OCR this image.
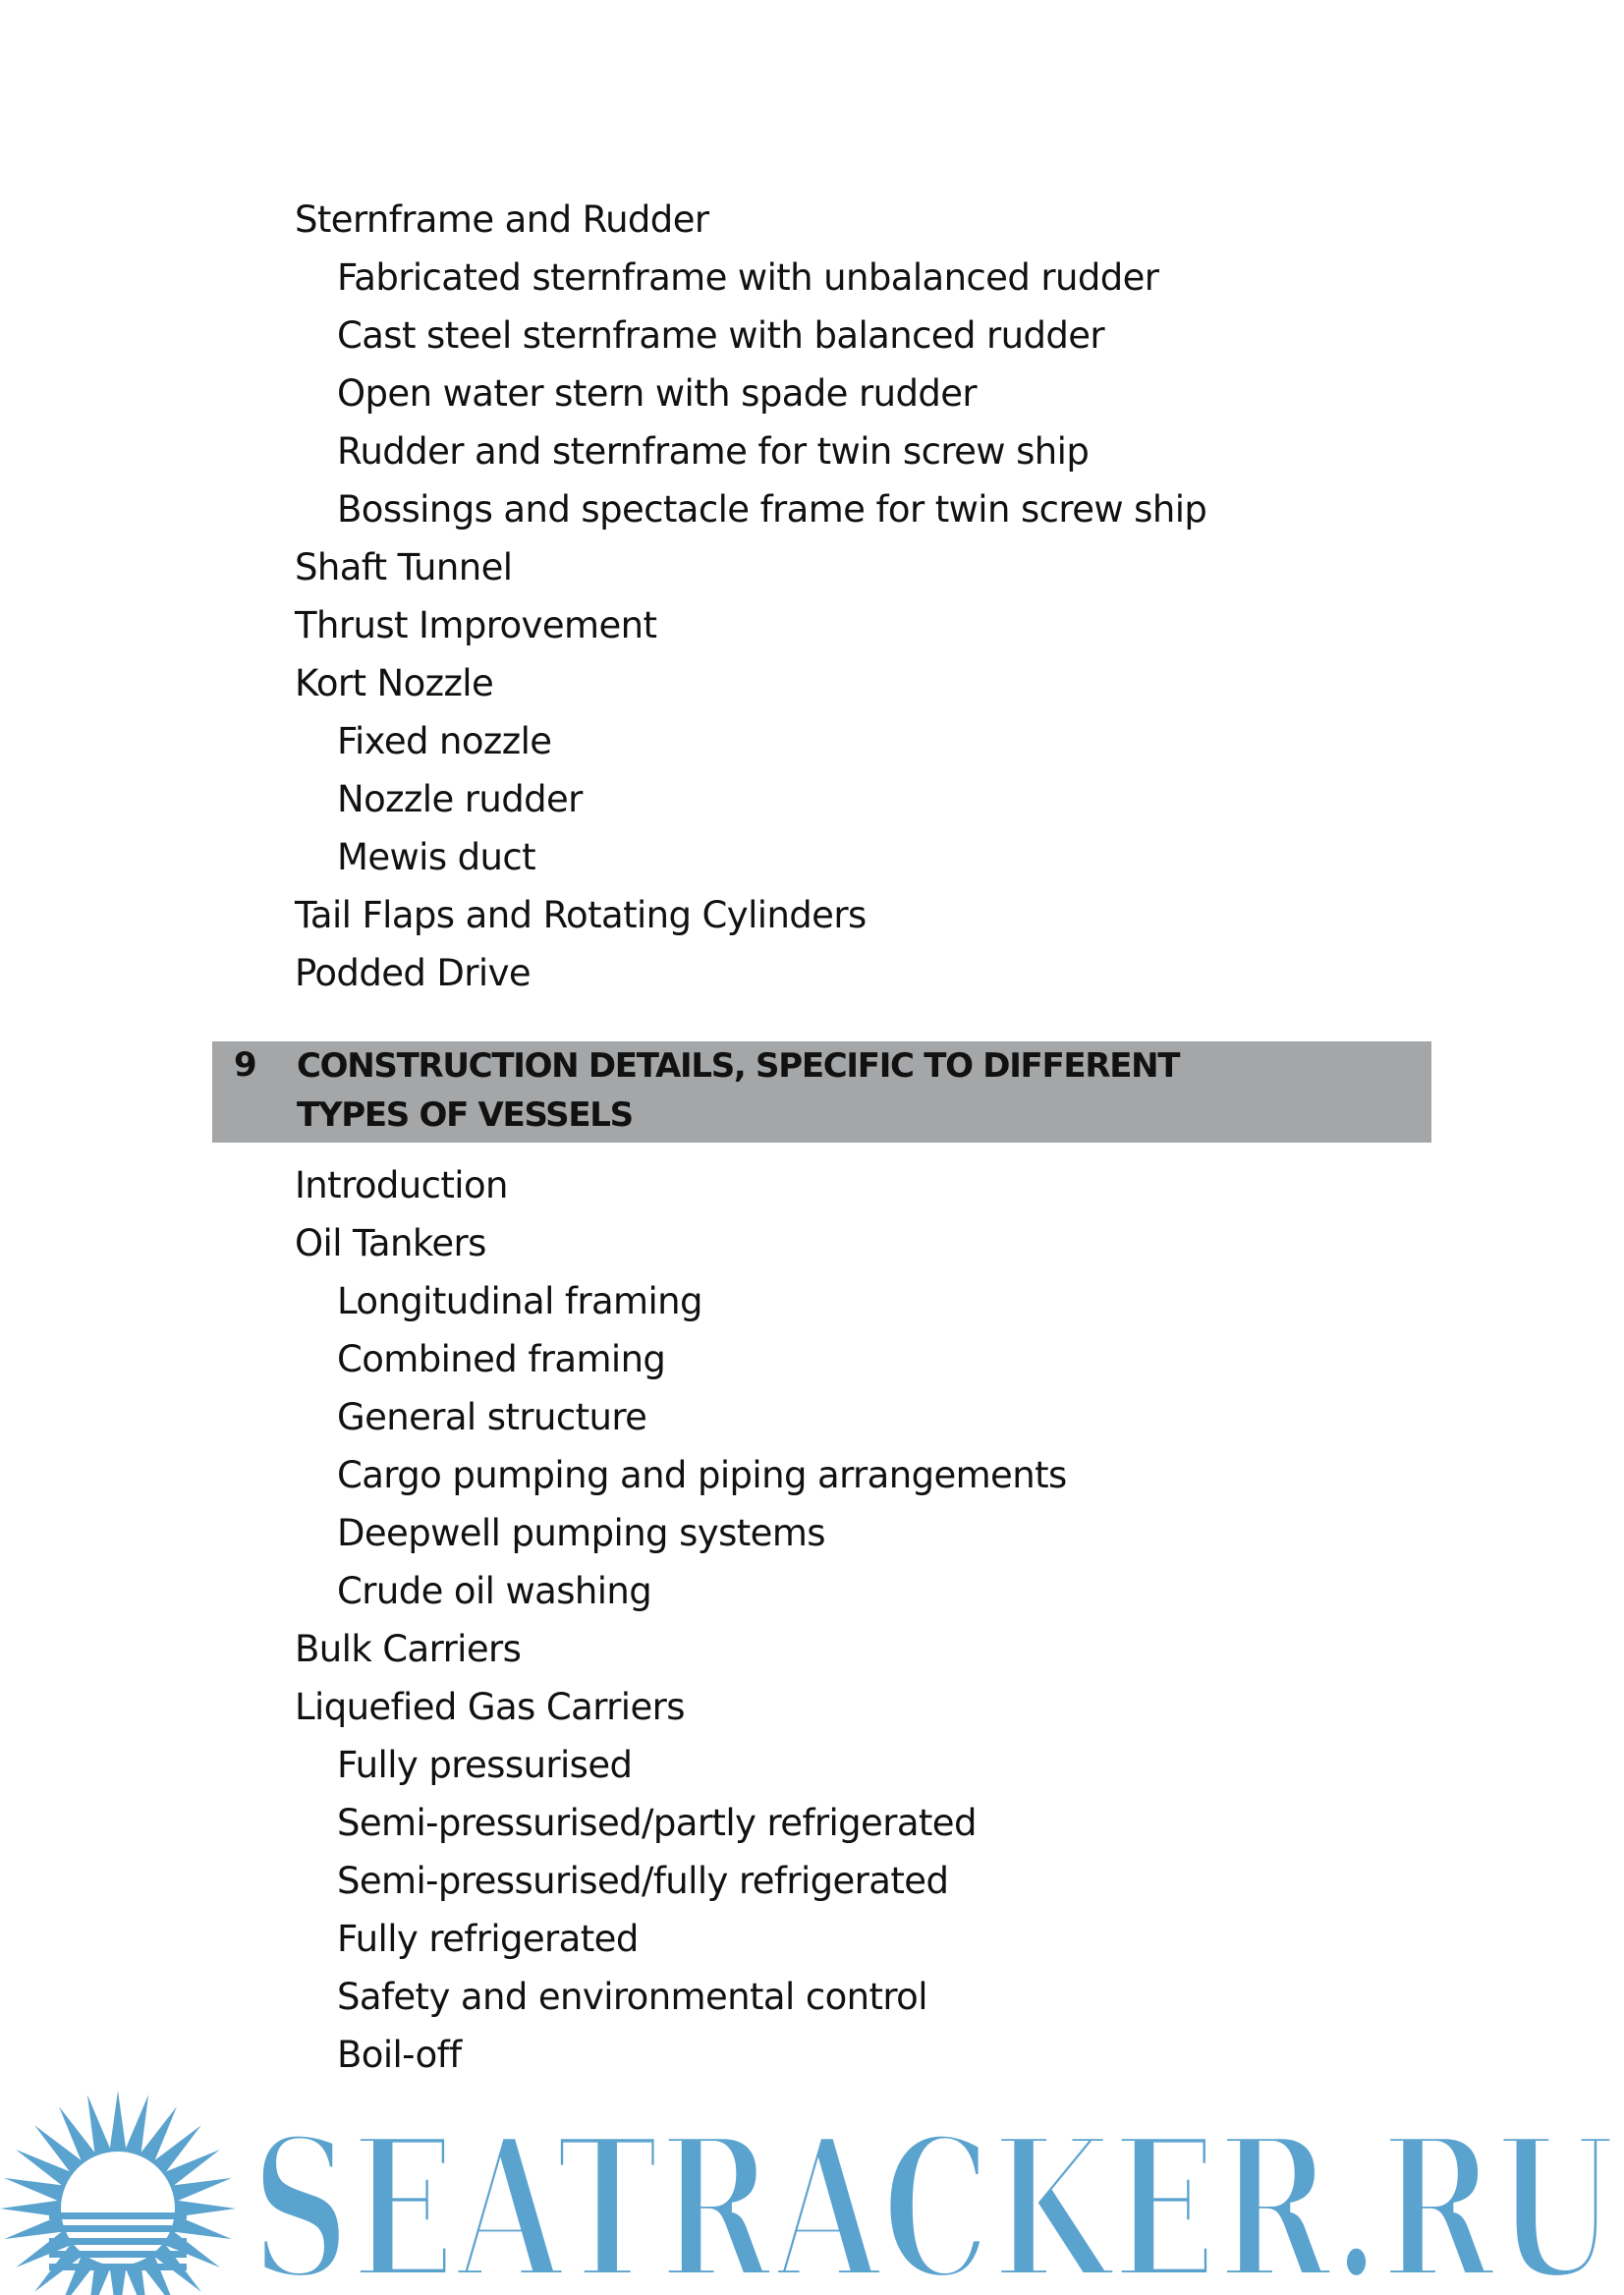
Sternframe and Rudder
Fabricated sternframe with unbalanced rudder
Cast steel sternframe with balanced rudder
Open water stern with spade rudder
Rudder and sternframe for twin screw ship
Bossings and spectacle frame for twin screw ship
Shaft Tunnel
Thrust Improvement
Kort Nozzle
Fixed nozzle
Nozzle rudder
Mewis duct
Tail Flaps and Rotating Cylinders
Podded Drive
9 CONSTRUCTION DETAILS, SPECIFIC TO DIFFERENT
TYPES OF VESSELS
Introduction
Oil Tankers
Longitudinal framing
Combined framing
General structure
Cargo pumping and piping arrangements
Deepwell pumping systems
Crude oil washing
Bulk Carriers
Liquefied Gas Carriers
Fully pressurised
Semi-pressurised/partly refrigerated
Semi-pressurised/fully refrigerated
Fully refrigerated
Safety and environmental control
Boil-off
SEATRACKER.RU
